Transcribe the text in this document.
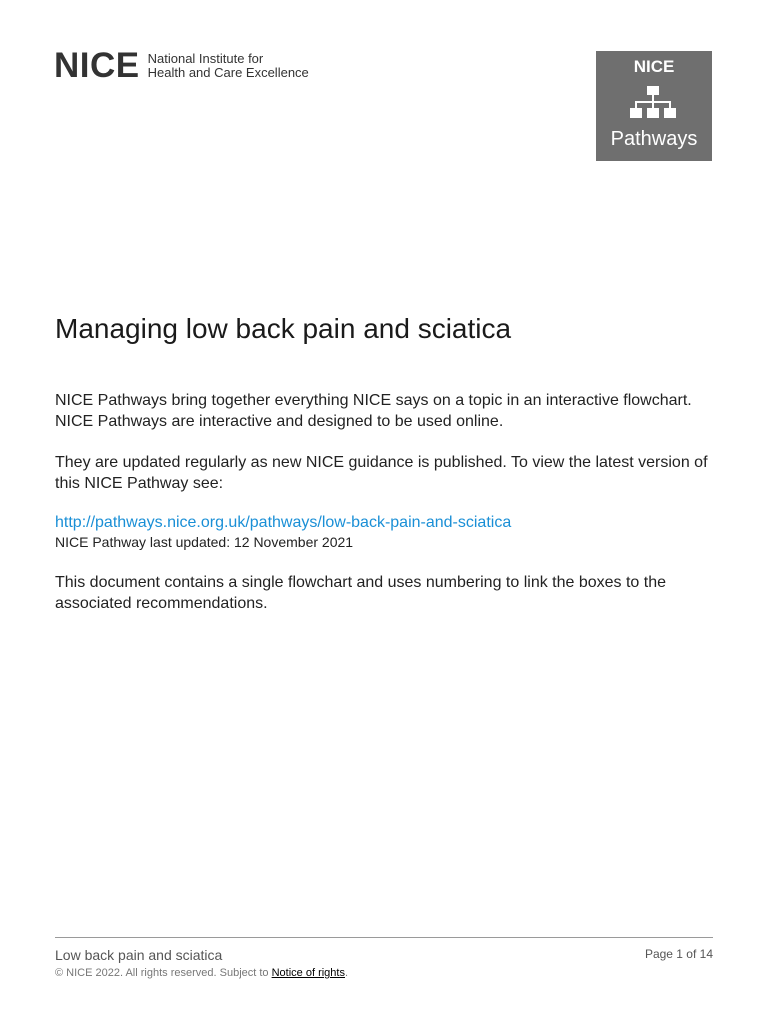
NICE National Institute for
Health and Care Excellence	NICE
Pathways
Managing low back pain and sciatica

NICE Pathways bring together everything NICE says on a topic in an interactive flowchart. NICE Pathways are interactive and designed to be used online.

They are updated regularly as new NICE guidance is published. To view the latest version of this NICE Pathway see:

http://pathways.nice.org.uk/pathways/low-back-pain-and-sciatica
NICE Pathway last updated: 12 November 2021

This document contains a single flowchart and uses numbering to link the boxes to the associated recommendations.

Low back pain and sciatica	Page 1 of 14
© NICE 2022. All rights reserved. Subject to Notice of rights.
